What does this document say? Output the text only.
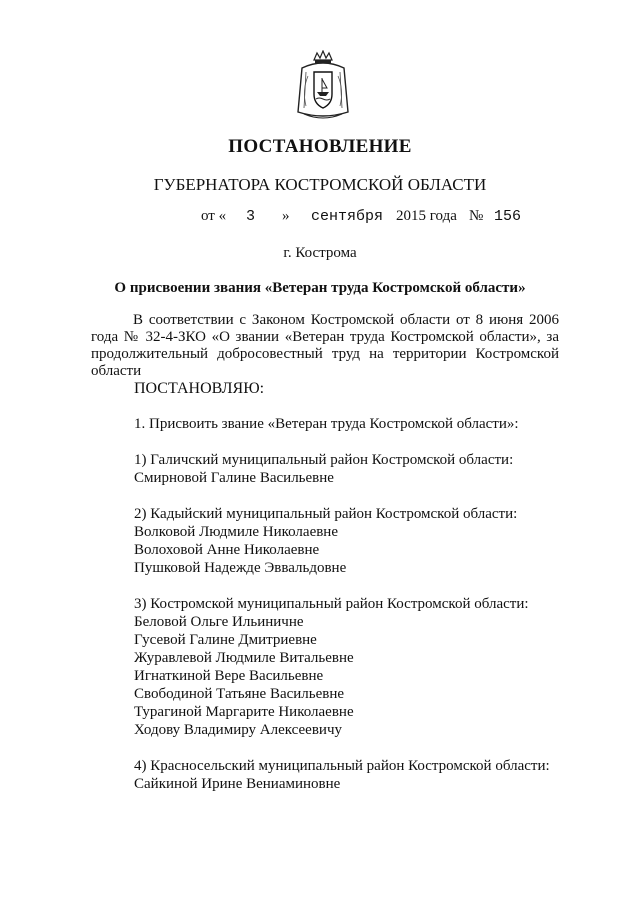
ПОСТАНОВЛЕНИЕ
ГУБЕРНАТОРА КОСТРОМСКОЙ ОБЛАСТИ
от « 3 » сентября 2015 года № 156
г. Кострома
О присвоении звания «Ветеран труда Костромской области»

В соответствии с Законом Костромской области от 8 июня 2006 года № 32-4-ЗКО «О звании «Ветеран труда Костромской области», за продолжительный добросовестный труд на территории Костромской области

ПОСТАНОВЛЯЮ:
1. Присвоить звание «Ветеран труда Костромской области»:
1) Галичский муниципальный район Костромской области:
Смирновой Галине Васильевне
2) Кадыйский муниципальный район Костромской области:
Волковой Людмиле Николаевне
Волоховой Анне Николаевне
Пушковой Надежде Эввальдовне
3) Костромской муниципальный район Костромской области:
Беловой Ольге Ильиничне
Гусевой Галине Дмитриевне
Журавлевой Людмиле Витальевне
Игнаткиной Вере Васильевне
Свободиной Татьяне Васильевне
Турагиной Маргарите Николаевне
Ходову Владимиру Алексеевичу
4) Красносельский муниципальный район Костромской области:
Сайкиной Ирине Вениаминовне
